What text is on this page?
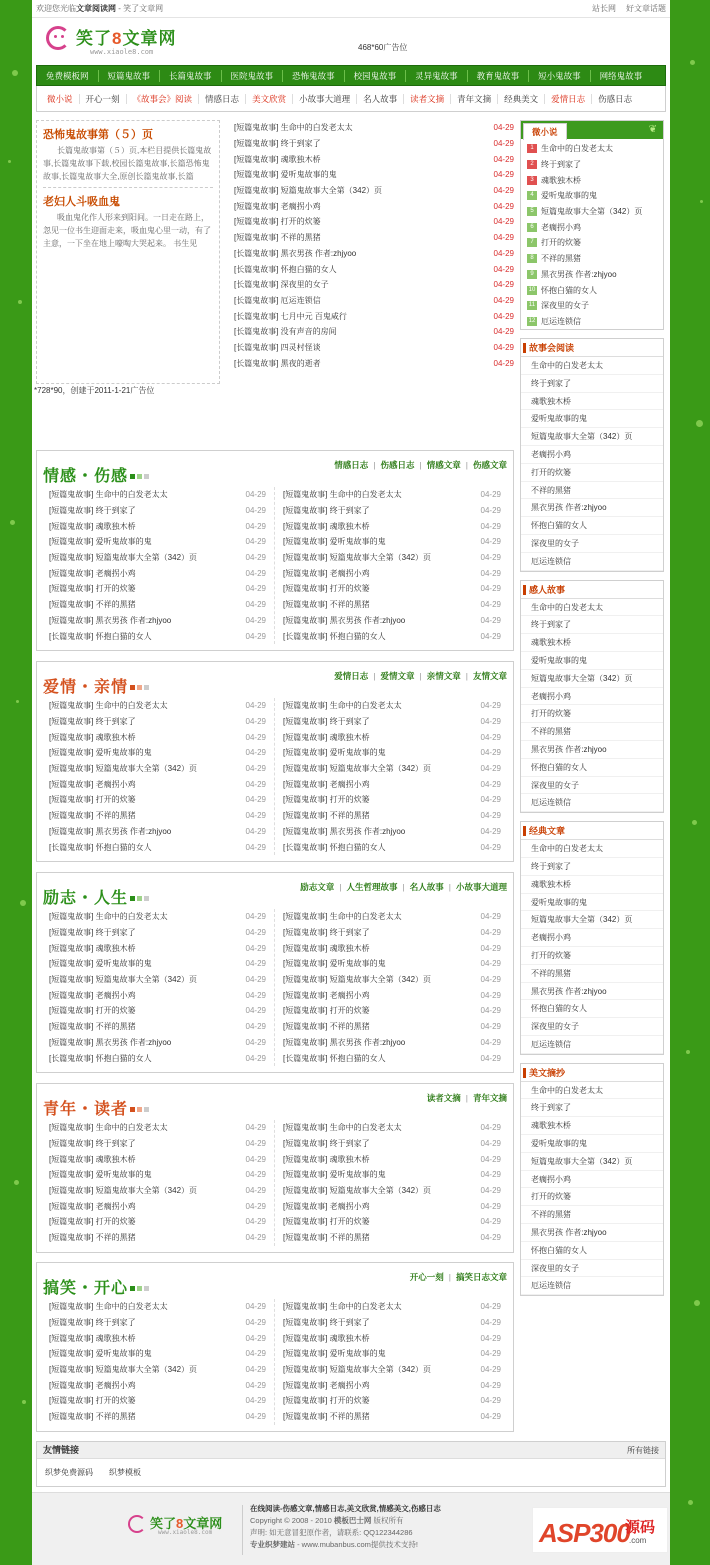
欢迎您光临文章阅读网 - 笑了文章网	站长网 好文章话题
笑了8文章网
www.xiaole8.com	468*60广告位
免费模板网	短篇鬼故事	长篇鬼故事	医院鬼故事	恐怖鬼故事	校园鬼故事	灵异鬼故事	教育鬼故事	短小鬼故事	网络鬼故事
微小说	开心一刻	《故事会》阅读	情感日志	美文欣赏	小故事大道理	名人故事	读者文摘	青年文摘	经典美文	爱情日志	伤感日志
恐怖鬼故事第（５）页

长篇鬼故事第（５）页,本栏目提供长篇鬼故事,长篇鬼故事下载,校园长篇鬼故事,长篇恐怖鬼故事,长篇鬼故事大全,原创长篇鬼故事,长篇

老妇人斗吸血鬼

吸血鬼化作人形来到阳间。一日走在路上，忽见一位书生迎面走来，吸血鬼心里一动，有了主意，一下坐在地上嚎啕大哭起来。 书生见

[短篇鬼故事] 生命中的白发老太太	04-29
[短篇鬼故事] 终于到家了	04-29
[短篇鬼故事] 魂歌独木桥	04-29
[短篇鬼故事] 爱听鬼故事的鬼	04-29
[短篇鬼故事] 短篇鬼故事大全第（342）页	04-29
[短篇鬼故事] 老瘸拐小鸡	04-29
[短篇鬼故事] 打开的炊篓	04-29
[短篇鬼故事] 不祥的黑猪	04-29
[长篇鬼故事] 黑衣男孩 作者:zhjyoo	04-29
[长篇鬼故事] 怀抱白猫的女人	04-29
[长篇鬼故事] 深夜里的女子	04-29
[长篇鬼故事] 厄运连锁信	04-29
[长篇鬼故事] 七月中元 百鬼咸行	04-29
[长篇鬼故事] 没有声音的房间	04-29
[长篇鬼故事] 四灵村怪谈	04-29
[长篇鬼故事] 黑夜的逝者	04-29
*728*90，创建于2011-1-21广告位
情感・伤感
情感日志 | 伤感日志 | 情感文章 | 伤感文章
[短篇鬼故事] 生命中的白发老太太	04-29
[短篇鬼故事] 终于到家了	04-29
[短篇鬼故事] 魂歌独木桥	04-29
[短篇鬼故事] 爱听鬼故事的鬼	04-29
[短篇鬼故事] 短篇鬼故事大全第（342）页	04-29
[短篇鬼故事] 老瘸拐小鸡	04-29
[短篇鬼故事] 打开的炊篓	04-29
[短篇鬼故事] 不祥的黑猪	04-29
[短篇鬼故事] 黑衣男孩 作者:zhjyoo	04-29
[长篇鬼故事] 怀抱白猫的女人	04-29
[短篇鬼故事] 生命中的白发老太太	04-29
[短篇鬼故事] 终于到家了	04-29
[短篇鬼故事] 魂歌独木桥	04-29
[短篇鬼故事] 爱听鬼故事的鬼	04-29
[短篇鬼故事] 短篇鬼故事大全第（342）页	04-29
[短篇鬼故事] 老瘸拐小鸡	04-29
[短篇鬼故事] 打开的炊篓	04-29
[短篇鬼故事] 不祥的黑猪	04-29
[短篇鬼故事] 黑衣男孩 作者:zhjyoo	04-29
[长篇鬼故事] 怀抱白猫的女人	04-29
爱情・亲情
爱情日志 | 爱情文章 | 亲情文章 | 友情文章
[短篇鬼故事] 生命中的白发老太太	04-29
[短篇鬼故事] 终于到家了	04-29
[短篇鬼故事] 魂歌独木桥	04-29
[短篇鬼故事] 爱听鬼故事的鬼	04-29
[短篇鬼故事] 短篇鬼故事大全第（342）页	04-29
[短篇鬼故事] 老瘸拐小鸡	04-29
[短篇鬼故事] 打开的炊篓	04-29
[短篇鬼故事] 不祥的黑猪	04-29
[短篇鬼故事] 黑衣男孩 作者:zhjyoo	04-29
[长篇鬼故事] 怀抱白猫的女人	04-29
[短篇鬼故事] 生命中的白发老太太	04-29
[短篇鬼故事] 终于到家了	04-29
[短篇鬼故事] 魂歌独木桥	04-29
[短篇鬼故事] 爱听鬼故事的鬼	04-29
[短篇鬼故事] 短篇鬼故事大全第（342）页	04-29
[短篇鬼故事] 老瘸拐小鸡	04-29
[短篇鬼故事] 打开的炊篓	04-29
[短篇鬼故事] 不祥的黑猪	04-29
[短篇鬼故事] 黑衣男孩 作者:zhjyoo	04-29
[长篇鬼故事] 怀抱白猫的女人	04-29
励志・人生
励志文章 | 人生哲理故事 | 名人故事 | 小故事大道理
[短篇鬼故事] 生命中的白发老太太	04-29
[短篇鬼故事] 终于到家了	04-29
[短篇鬼故事] 魂歌独木桥	04-29
[短篇鬼故事] 爱听鬼故事的鬼	04-29
[短篇鬼故事] 短篇鬼故事大全第（342）页	04-29
[短篇鬼故事] 老瘸拐小鸡	04-29
[短篇鬼故事] 打开的炊篓	04-29
[短篇鬼故事] 不祥的黑猪	04-29
[短篇鬼故事] 黑衣男孩 作者:zhjyoo	04-29
[长篇鬼故事] 怀抱白猫的女人	04-29
[短篇鬼故事] 生命中的白发老太太	04-29
[短篇鬼故事] 终于到家了	04-29
[短篇鬼故事] 魂歌独木桥	04-29
[短篇鬼故事] 爱听鬼故事的鬼	04-29
[短篇鬼故事] 短篇鬼故事大全第（342）页	04-29
[短篇鬼故事] 老瘸拐小鸡	04-29
[短篇鬼故事] 打开的炊篓	04-29
[短篇鬼故事] 不祥的黑猪	04-29
[短篇鬼故事] 黑衣男孩 作者:zhjyoo	04-29
[长篇鬼故事] 怀抱白猫的女人	04-29
青年・读者
读者文摘 | 青年文摘
[短篇鬼故事] 生命中的白发老太太	04-29
[短篇鬼故事] 终于到家了	04-29
[短篇鬼故事] 魂歌独木桥	04-29
[短篇鬼故事] 爱听鬼故事的鬼	04-29
[短篇鬼故事] 短篇鬼故事大全第（342）页	04-29
[短篇鬼故事] 老瘸拐小鸡	04-29
[短篇鬼故事] 打开的炊篓	04-29
[短篇鬼故事] 不祥的黑猪	04-29
[短篇鬼故事] 生命中的白发老太太	04-29
[短篇鬼故事] 终于到家了	04-29
[短篇鬼故事] 魂歌独木桥	04-29
[短篇鬼故事] 爱听鬼故事的鬼	04-29
[短篇鬼故事] 短篇鬼故事大全第（342）页	04-29
[短篇鬼故事] 老瘸拐小鸡	04-29
[短篇鬼故事] 打开的炊篓	04-29
[短篇鬼故事] 不祥的黑猪	04-29
搞笑・开心
开心一刻 | 搞笑日志文章
[短篇鬼故事] 生命中的白发老太太	04-29
[短篇鬼故事] 终于到家了	04-29
[短篇鬼故事] 魂歌独木桥	04-29
[短篇鬼故事] 爱听鬼故事的鬼	04-29
[短篇鬼故事] 短篇鬼故事大全第（342）页	04-29
[短篇鬼故事] 老瘸拐小鸡	04-29
[短篇鬼故事] 打开的炊篓	04-29
[短篇鬼故事] 不祥的黑猪	04-29
[短篇鬼故事] 生命中的白发老太太	04-29
[短篇鬼故事] 终于到家了	04-29
[短篇鬼故事] 魂歌独木桥	04-29
[短篇鬼故事] 爱听鬼故事的鬼	04-29
[短篇鬼故事] 短篇鬼故事大全第（342）页	04-29
[短篇鬼故事] 老瘸拐小鸡	04-29
[短篇鬼故事] 打开的炊篓	04-29
[短篇鬼故事] 不祥的黑猪	04-29
微小说	❦
1 生命中的白发老太太
2 终于到家了
3 魂歌独木桥
4 爱听鬼故事的鬼
5 短篇鬼故事大全第（342）页
6 老瘸拐小鸡
7 打开的炊篓
8 不祥的黑猪
9 黑衣男孩 作者:zhjyoo
10 怀抱白猫的女人
11 深夜里的女子
12 厄运连锁信
故事会阅读
生命中的白发老太太
终于到家了
魂歌独木桥
爱听鬼故事的鬼
短篇鬼故事大全第（342）页
老瘸拐小鸡
打开的炊篓
不祥的黑猪
黑衣男孩 作者:zhjyoo
怀抱白猫的女人
深夜里的女子
厄运连锁信
感人故事
生命中的白发老太太
终于到家了
魂歌独木桥
爱听鬼故事的鬼
短篇鬼故事大全第（342）页
老瘸拐小鸡
打开的炊篓
不祥的黑猪
黑衣男孩 作者:zhjyoo
怀抱白猫的女人
深夜里的女子
厄运连锁信
经典文章
生命中的白发老太太
终于到家了
魂歌独木桥
爱听鬼故事的鬼
短篇鬼故事大全第（342）页
老瘸拐小鸡
打开的炊篓
不祥的黑猪
黑衣男孩 作者:zhjyoo
怀抱白猫的女人
深夜里的女子
厄运连锁信
美文摘抄
生命中的白发老太太
终于到家了
魂歌独木桥
爱听鬼故事的鬼
短篇鬼故事大全第（342）页
老瘸拐小鸡
打开的炊篓
不祥的黑猪
黑衣男孩 作者:zhjyoo
怀抱白猫的女人
深夜里的女子
厄运连锁信
友情链接	所有链接
织梦免费源码 织梦模板
笑了8文章网
www.xiaole8.com
在线阅读-伤感文章,情感日志,美文欣赏,情感美文,伤感日志
Copyright © 2008 - 2010 模板巴士网 版权所有
声明: 如无意冒犯原作者，请联系: QQ122344286
专业织梦建站 - www.mubanbus.com提供技术支持!	ASP300
源码
.com
